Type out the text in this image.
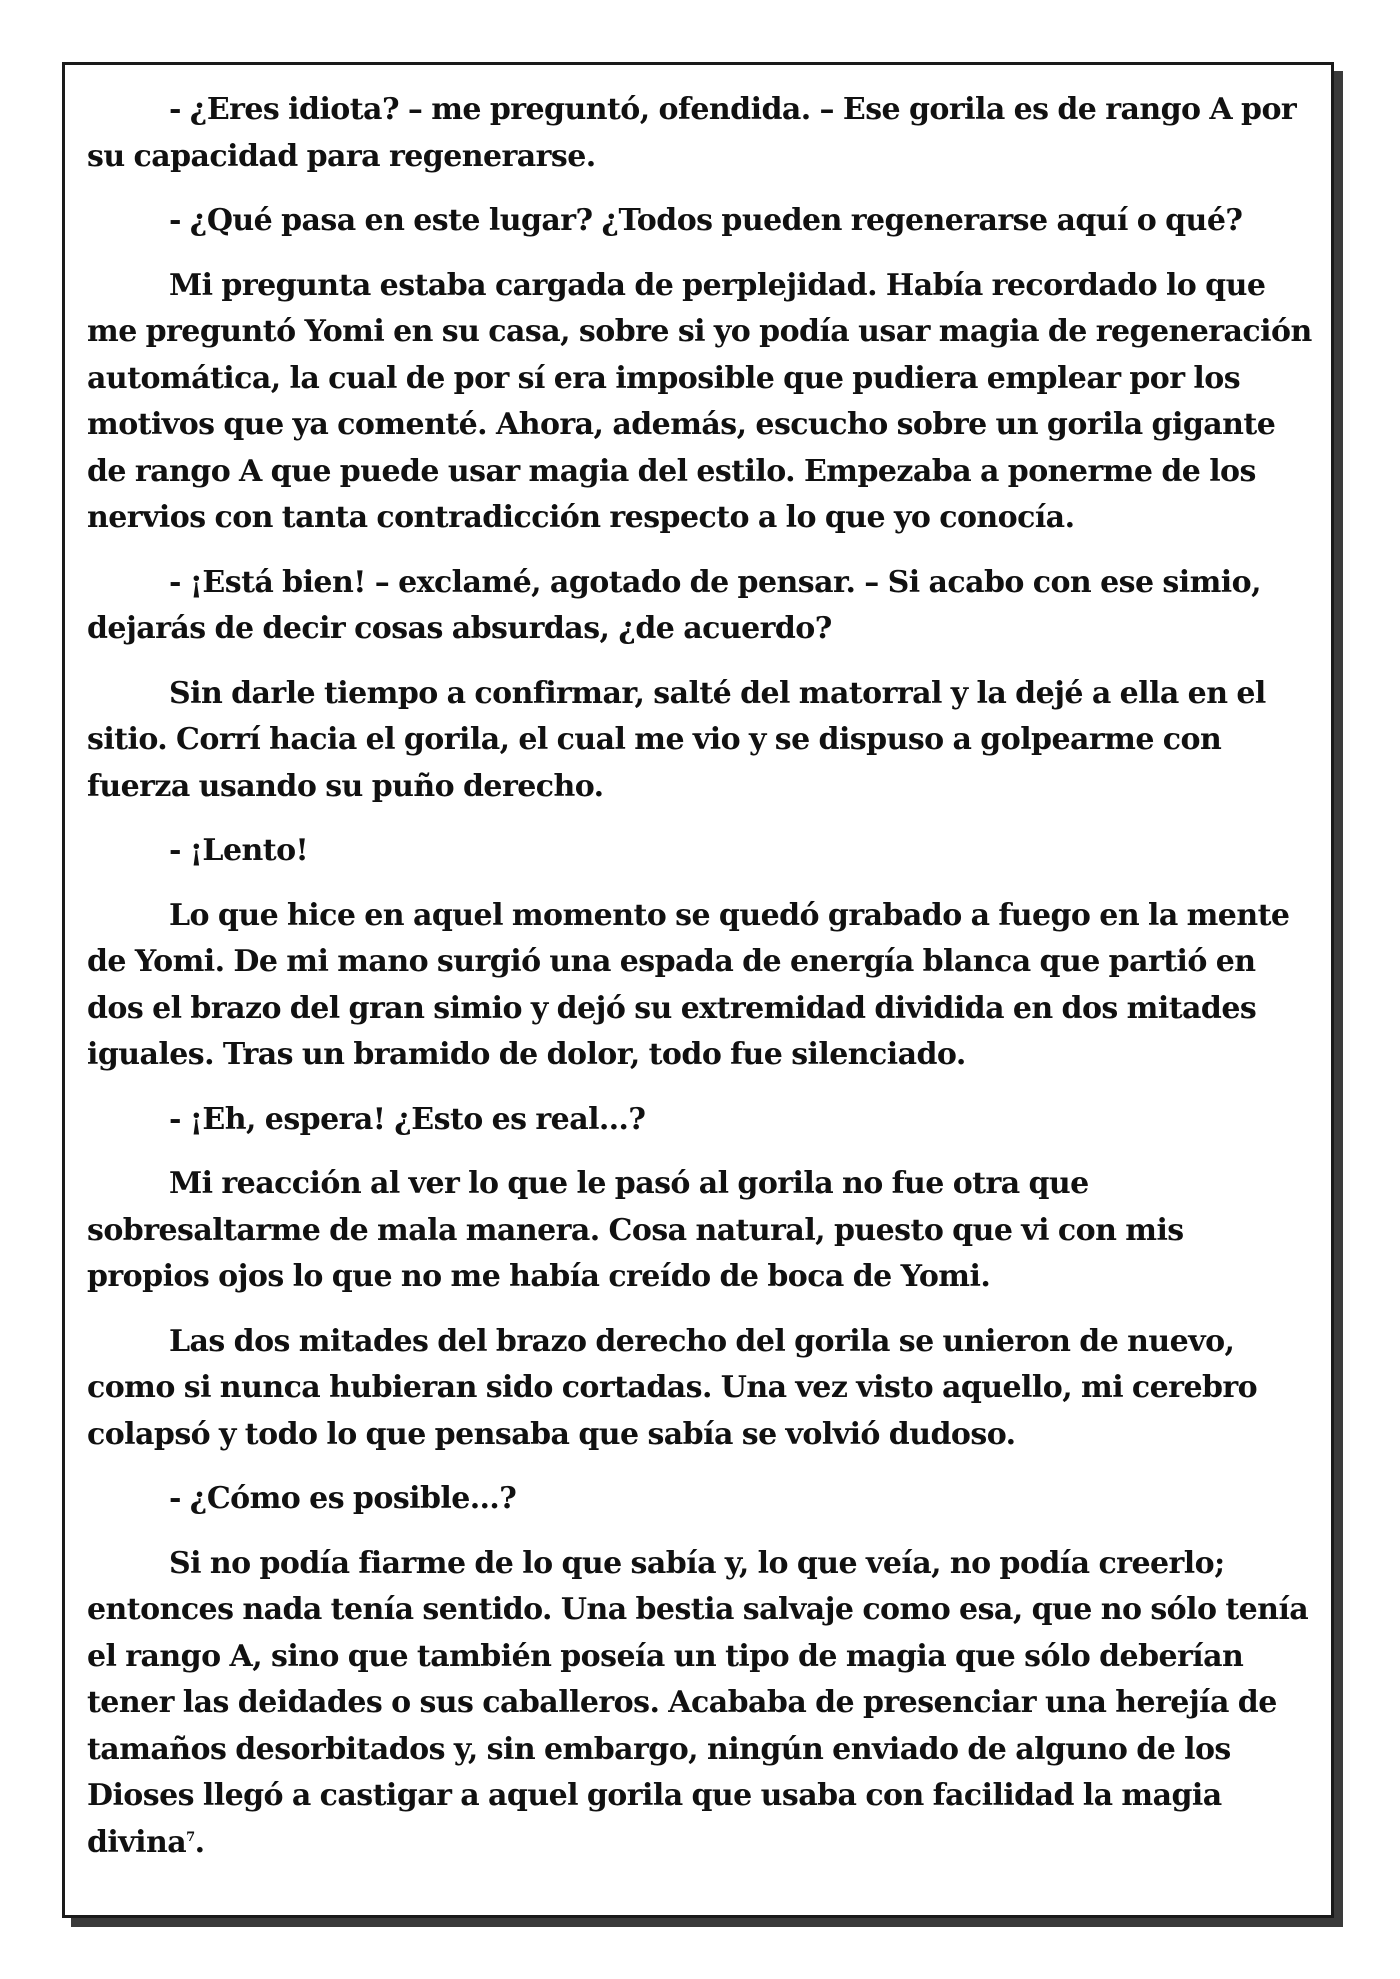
- ¿Eres idiota? – me preguntó, ofendida. – Ese gorila es de rango A por su capacidad para regenerarse.

- ¿Qué pasa en este lugar? ¿Todos pueden regenerarse aquí o qué?

Mi pregunta estaba cargada de perplejidad. Había recordado lo que me preguntó Yomi en su casa, sobre si yo podía usar magia de regeneración automática, la cual de por sí era imposible que pudiera emplear por los motivos que ya comenté. Ahora, además, escucho sobre un gorila gigante de rango A que puede usar magia del estilo. Empezaba a ponerme de los nervios con tanta contradicción respecto a lo que yo conocía.

- ¡Está bien! – exclamé, agotado de pensar. – Si acabo con ese simio, dejarás de decir cosas absurdas, ¿de acuerdo?

Sin darle tiempo a confirmar, salté del matorral y la dejé a ella en el sitio. Corrí hacia el gorila, el cual me vio y se dispuso a golpearme con fuerza usando su puño derecho.

- ¡Lento!

Lo que hice en aquel momento se quedó grabado a fuego en la mente de Yomi. De mi mano surgió una espada de energía blanca que partió en dos el brazo del gran simio y dejó su extremidad dividida en dos mitades iguales. Tras un bramido de dolor, todo fue silenciado.

- ¡Eh, espera! ¿Esto es real…?

Mi reacción al ver lo que le pasó al gorila no fue otra que sobresaltarme de mala manera. Cosa natural, puesto que vi con mis propios ojos lo que no me había creído de boca de Yomi.

Las dos mitades del brazo derecho del gorila se unieron de nuevo, como si nunca hubieran sido cortadas. Una vez visto aquello, mi cerebro colapsó y todo lo que pensaba que sabía se volvió dudoso.

- ¿Cómo es posible…?

Si no podía fiarme de lo que sabía y, lo que veía, no podía creerlo; entonces nada tenía sentido. Una bestia salvaje como esa, que no sólo tenía el rango A, sino que también poseía un tipo de magia que sólo deberían tener las deidades o sus caballeros. Acababa de presenciar una herejía de tamaños desorbitados y, sin embargo, ningún enviado de alguno de los Dioses llegó a castigar a aquel gorila que usaba con facilidad la magia divina$^7$.
